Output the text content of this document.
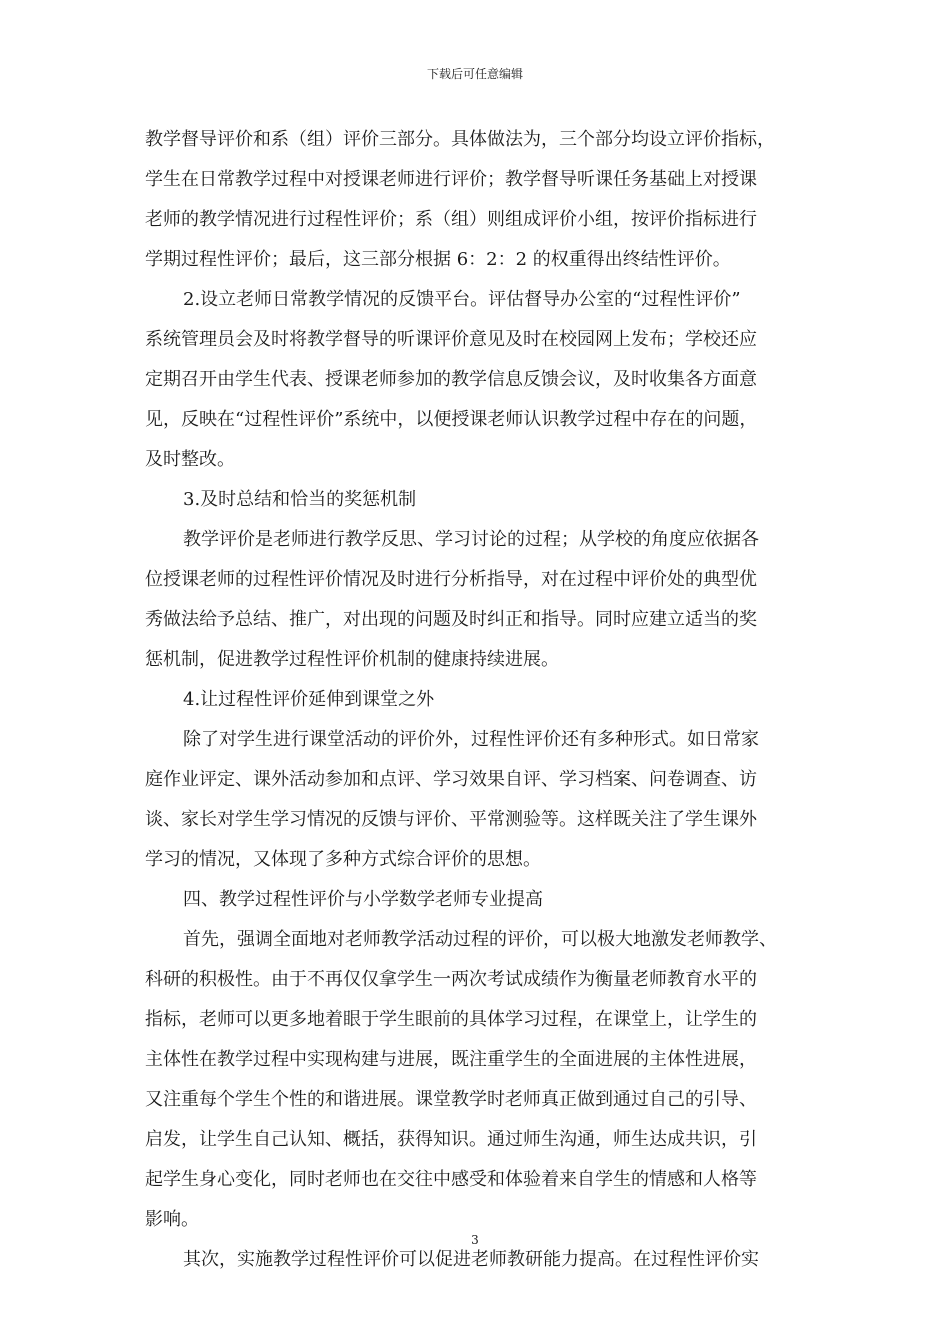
下载后可任意编辑
教学督导评价和系（组）评价三部分。具体做法为，三个部分均设立评价指标，
学生在日常教学过程中对授课老师进行评价；教学督导听课任务基础上对授课
老师的教学情况进行过程性评价；系（组）则组成评价小组，按评价指标进行
学期过程性评价；最后，这三部分根据 6：2：2 的权重得出终结性评价。
2.设立老师日常教学情况的反馈平台。评估督导办公室的“过程性评价”
系统管理员会及时将教学督导的听课评价意见及时在校园网上发布；学校还应
定期召开由学生代表、授课老师参加的教学信息反馈会议，及时收集各方面意
见，反映在“过程性评价”系统中，以便授课老师认识教学过程中存在的问题，
及时整改。
3.及时总结和恰当的奖惩机制
教学评价是老师进行教学反思、学习讨论的过程；从学校的角度应依据各
位授课老师的过程性评价情况及时进行分析指导，对在过程中评价处的典型优
秀做法给予总结、推广，对出现的问题及时纠正和指导。同时应建立适当的奖
惩机制，促进教学过程性评价机制的健康持续进展。
4.让过程性评价延伸到课堂之外
除了对学生进行课堂活动的评价外，过程性评价还有多种形式。如日常家
庭作业评定、课外活动参加和点评、学习效果自评、学习档案、问卷调查、访
谈、家长对学生学习情况的反馈与评价、平常测验等。这样既关注了学生课外
学习的情况，又体现了多种方式综合评价的思想。
四、教学过程性评价与小学数学老师专业提高
首先，强调全面地对老师教学活动过程的评价，可以极大地激发老师教学、
科研的积极性。由于不再仅仅拿学生一两次考试成绩作为衡量老师教育水平的
指标，老师可以更多地着眼于学生眼前的具体学习过程，在课堂上，让学生的
主体性在教学过程中实现构建与进展，既注重学生的全面进展的主体性进展，
又注重每个学生个性的和谐进展。课堂教学时老师真正做到通过自己的引导、
启发，让学生自己认知、概括，获得知识。通过师生沟通，师生达成共识，引
起学生身心变化，同时老师也在交往中感受和体验着来自学生的情感和人格等
影响。
其次，实施教学过程性评价可以促进老师教研能力提高。在过程性评价实
3
